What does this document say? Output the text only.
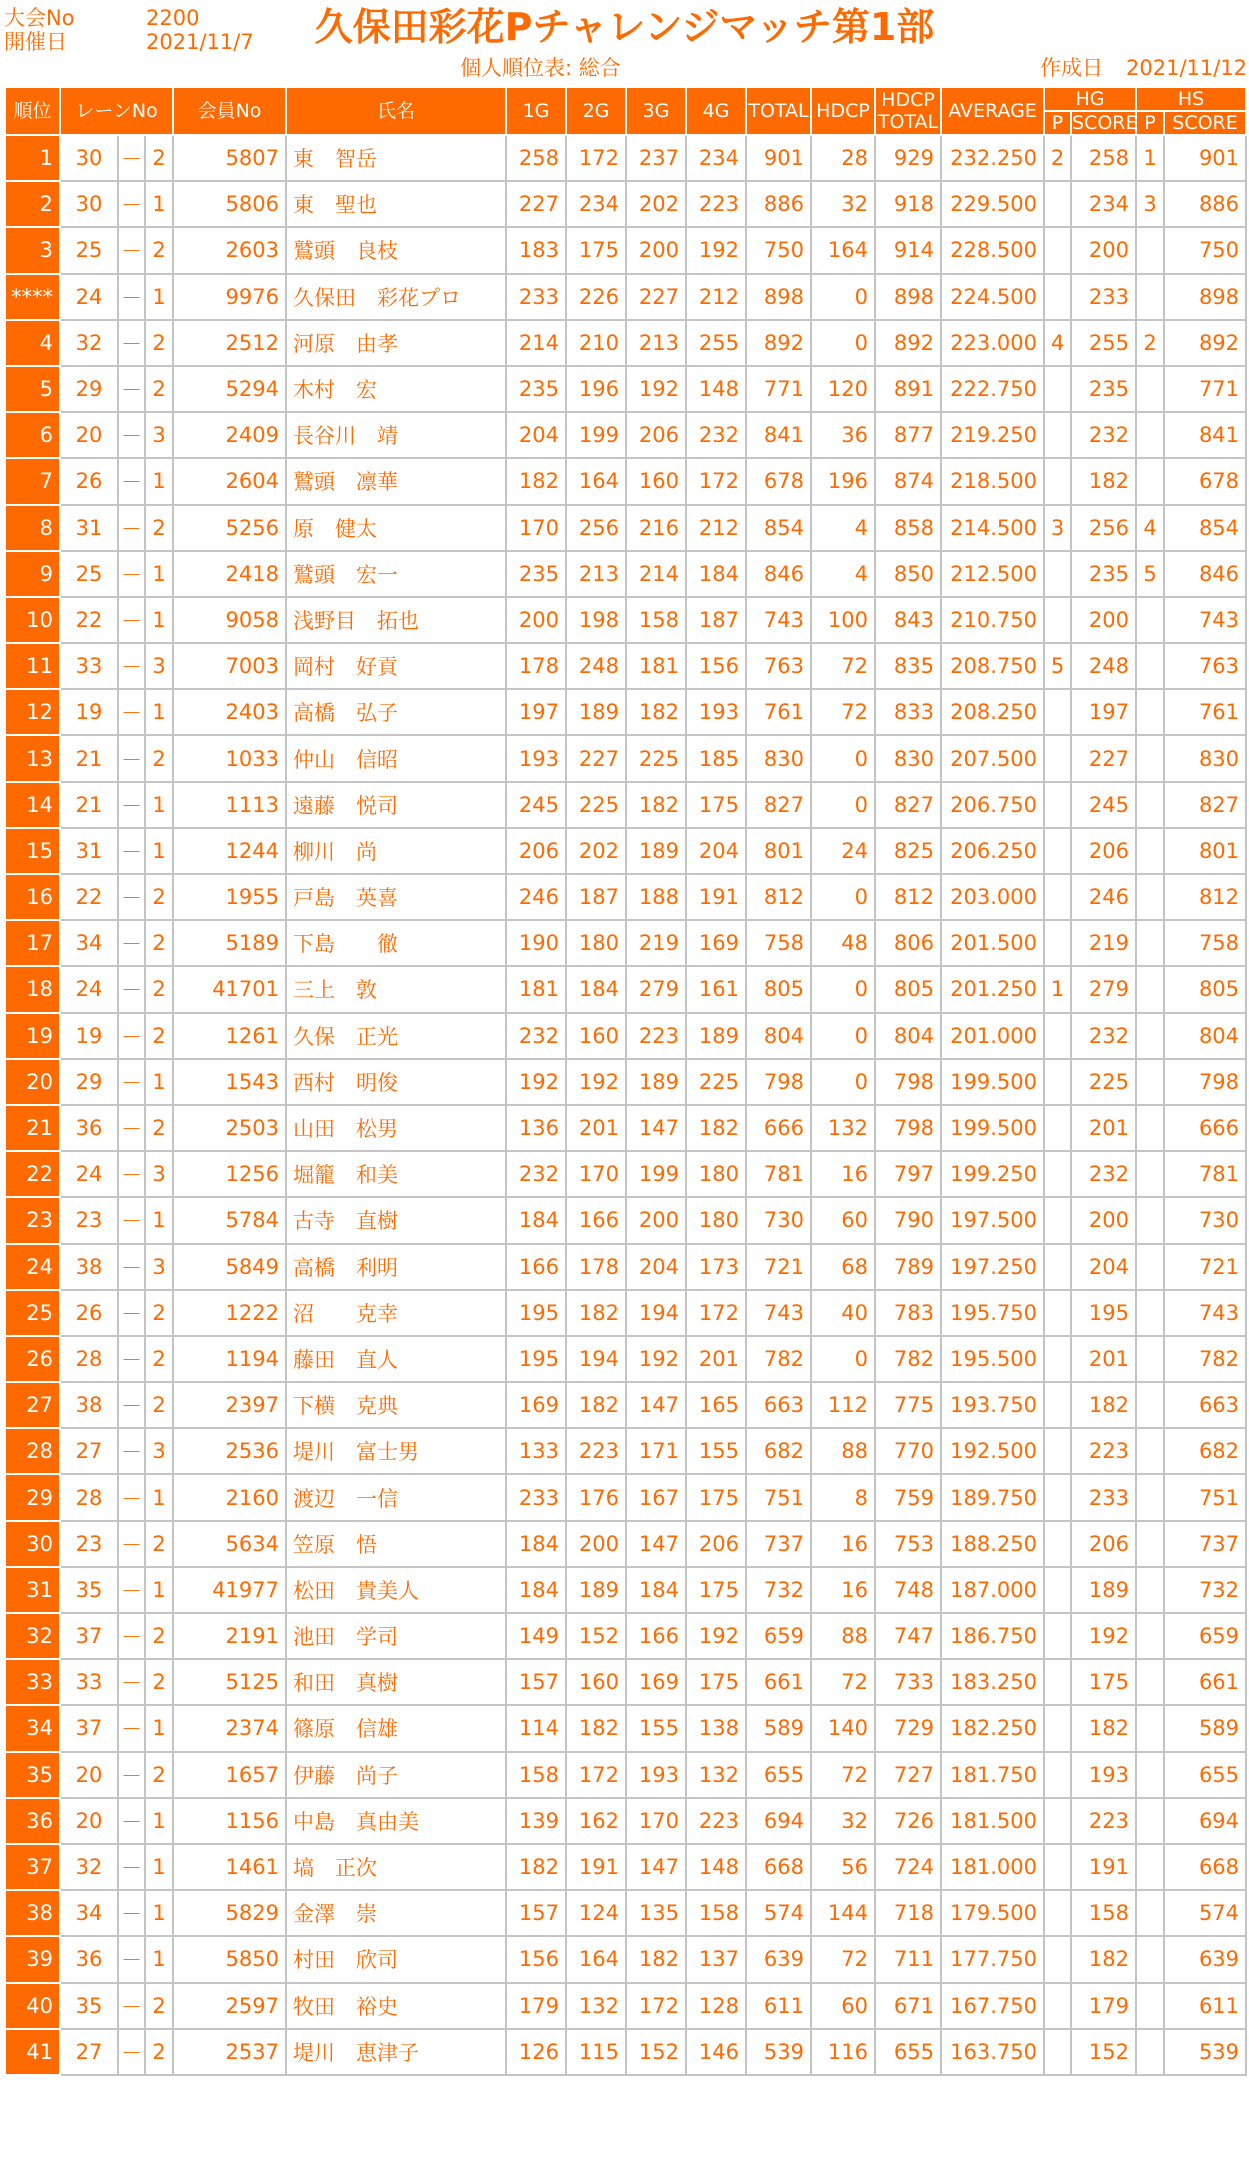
大会No	2200
開催日	2021/11/7	久保田彩花Pチャレンジマッチ第1部
個人順位表: 総合	作成日 2021/11/12
順位	レーンNo			会員No	氏名	1G	2G	3G	4G	TOTAL	HDCP	HDCP
TOTAL	AVERAGE	HG		HS	
														P	SCORE	P	SCORE
1	30	－	2	5807	東　智岳	258	172	237	234	901	28	929	232.250	2	258	1	901
2	30	－	1	5806	東　聖也	227	234	202	223	886	32	918	229.500		234	3	886
3	25	－	2	2603	鷲頭　良枝	183	175	200	192	750	164	914	228.500		200		750
****	24	－	1	9976	久保田　彩花プロ	233	226	227	212	898	0	898	224.500		233		898
4	32	－	2	2512	河原　由孝	214	210	213	255	892	0	892	223.000	4	255	2	892
5	29	－	2	5294	木村　宏	235	196	192	148	771	120	891	222.750		235		771
6	20	－	3	2409	長谷川　靖	204	199	206	232	841	36	877	219.250		232		841
7	26	－	1	2604	鷲頭　凛華	182	164	160	172	678	196	874	218.500		182		678
8	31	－	2	5256	原　健太	170	256	216	212	854	4	858	214.500	3	256	4	854
9	25	－	1	2418	鷲頭　宏一	235	213	214	184	846	4	850	212.500		235	5	846
10	22	－	1	9058	浅野目　拓也	200	198	158	187	743	100	843	210.750		200		743
11	33	－	3	7003	岡村　好貢	178	248	181	156	763	72	835	208.750	5	248		763
12	19	－	1	2403	高橋　弘子	197	189	182	193	761	72	833	208.250		197		761
13	21	－	2	1033	仲山　信昭	193	227	225	185	830	0	830	207.500		227		830
14	21	－	1	1113	遠藤　悦司	245	225	182	175	827	0	827	206.750		245		827
15	31	－	1	1244	柳川　尚	206	202	189	204	801	24	825	206.250		206		801
16	22	－	2	1955	戸島　英喜	246	187	188	191	812	0	812	203.000		246		812
17	34	－	2	5189	下島　　徹	190	180	219	169	758	48	806	201.500		219		758
18	24	－	2	41701	三上　敦	181	184	279	161	805	0	805	201.250	1	279		805
19	19	－	2	1261	久保　正光	232	160	223	189	804	0	804	201.000		232		804
20	29	－	1	1543	西村　明俊	192	192	189	225	798	0	798	199.500		225		798
21	36	－	2	2503	山田　松男	136	201	147	182	666	132	798	199.500		201		666
22	24	－	3	1256	堀籠　和美	232	170	199	180	781	16	797	199.250		232		781
23	23	－	1	5784	古寺　直樹	184	166	200	180	730	60	790	197.500		200		730
24	38	－	3	5849	高橋　利明	166	178	204	173	721	68	789	197.250		204		721
25	26	－	2	1222	沼　　克幸	195	182	194	172	743	40	783	195.750		195		743
26	28	－	2	1194	藤田　直人	195	194	192	201	782	0	782	195.500		201		782
27	38	－	2	2397	下横　克典	169	182	147	165	663	112	775	193.750		182		663
28	27	－	3	2536	堤川　富士男	133	223	171	155	682	88	770	192.500		223		682
29	28	－	1	2160	渡辺　一信	233	176	167	175	751	8	759	189.750		233		751
30	23	－	2	5634	笠原　悟	184	200	147	206	737	16	753	188.250		206		737
31	35	－	1	41977	松田　貴美人	184	189	184	175	732	16	748	187.000		189		732
32	37	－	2	2191	池田　学司	149	152	166	192	659	88	747	186.750		192		659
33	33	－	2	5125	和田　真樹	157	160	169	175	661	72	733	183.250		175		661
34	37	－	1	2374	篠原　信雄	114	182	155	138	589	140	729	182.250		182		589
35	20	－	2	1657	伊藤　尚子	158	172	193	132	655	72	727	181.750		193		655
36	20	－	1	1156	中島　真由美	139	162	170	223	694	32	726	181.500		223		694
37	32	－	1	1461	塙　正次	182	191	147	148	668	56	724	181.000		191		668
38	34	－	1	5829	金澤　崇	157	124	135	158	574	144	718	179.500		158		574
39	36	－	1	5850	村田　欣司	156	164	182	137	639	72	711	177.750		182		639
40	35	－	2	2597	牧田　裕史	179	132	172	128	611	60	671	167.750		179		611
41	27	－	2	2537	堤川　恵津子	126	115	152	146	539	116	655	163.750		152		539
